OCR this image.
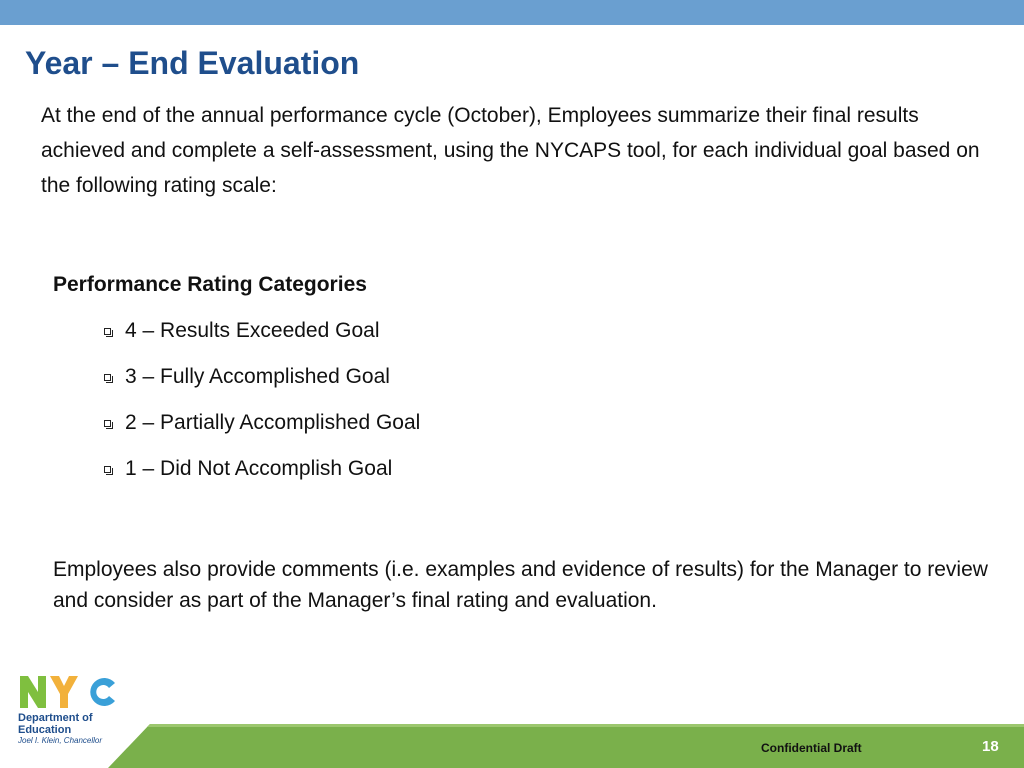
Year – End Evaluation

At the end of the annual performance cycle (October), Employees summarize their final results achieved and complete a self-assessment, using the NYCAPS tool, for each individual goal based on the following rating scale:

Performance Rating Categories
4 – Results Exceeded Goal
3 – Fully Accomplished Goal
2 – Partially Accomplished Goal
1 – Did Not Accomplish Goal

Employees also provide comments (i.e. examples and evidence of results) for the Manager to review and consider as part of the Manager’s final rating and evaluation.

Department of
Education
Joel I. Klein, Chancellor
Confidential Draft	18
